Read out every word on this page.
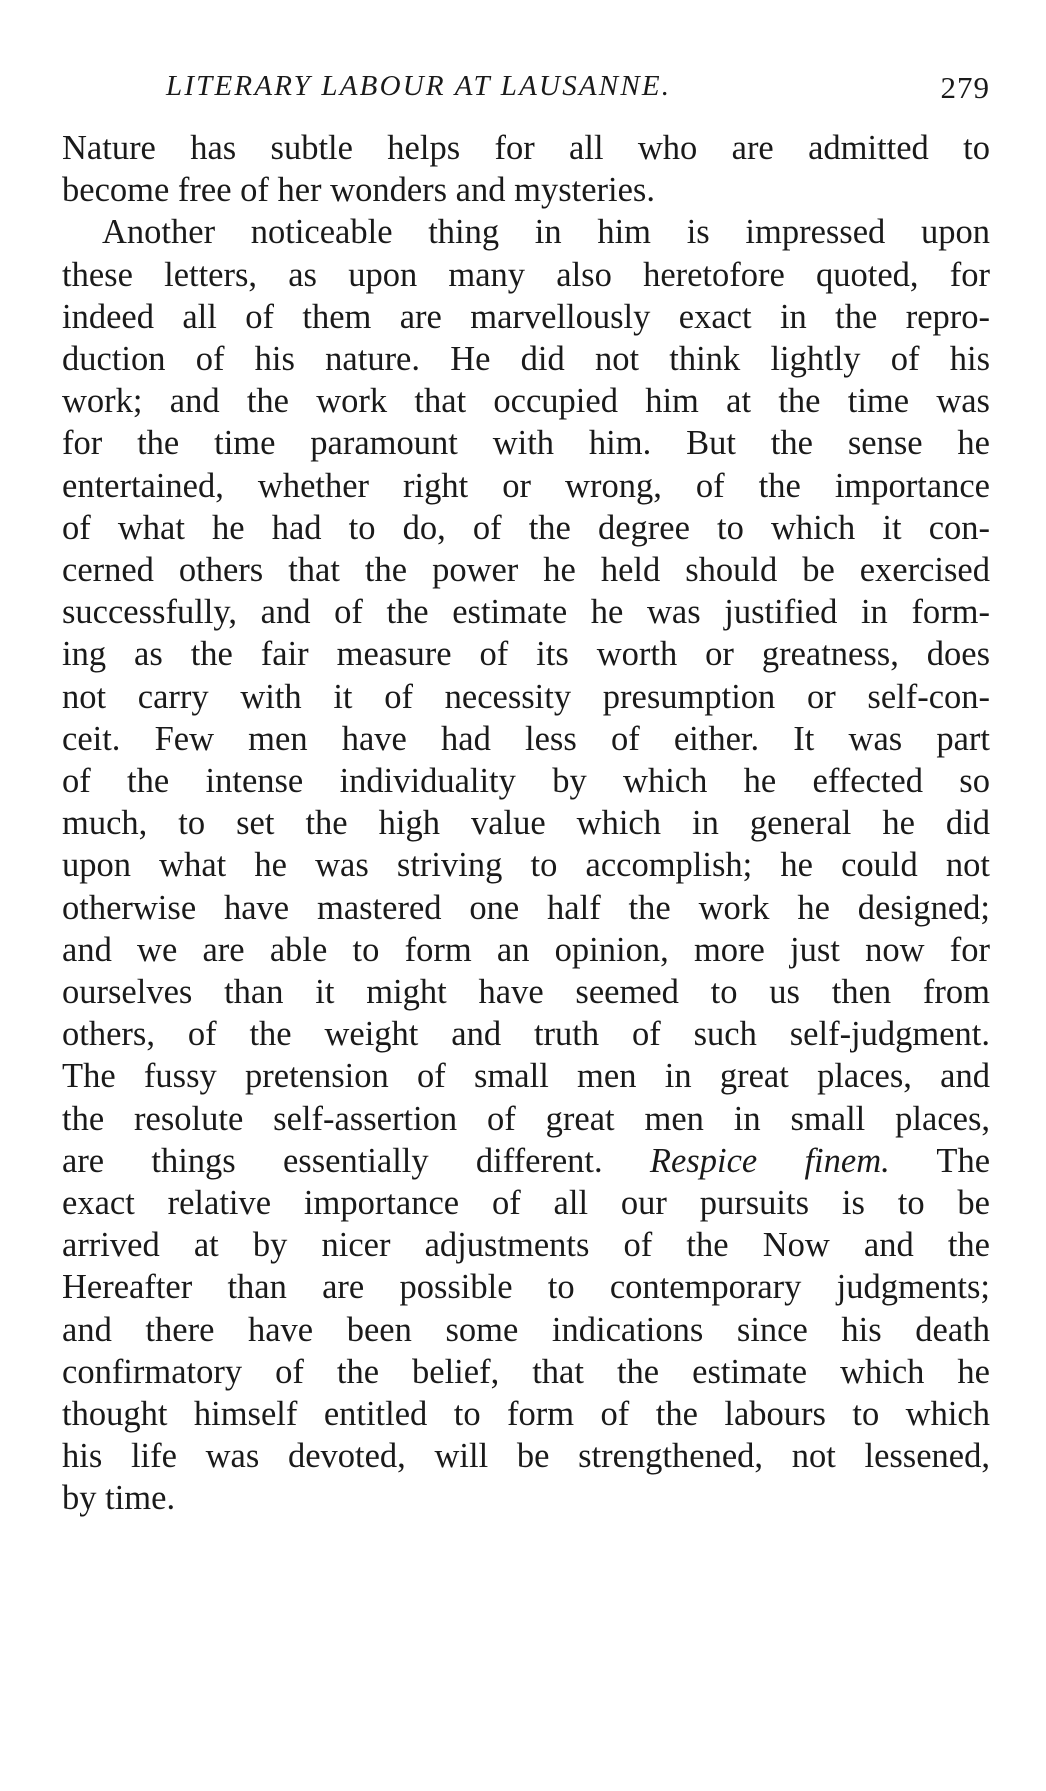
LITERARY LABOUR AT LAUSANNE.	279
Nature has subtle helps for all who are admitted to
become free of her wonders and mysteries.
Another noticeable thing in him is impressed upon
these letters, as upon many also heretofore quoted, for
indeed all of them are marvellously exact in the repro-
duction of his nature. He did not think lightly of his
work; and the work that occupied him at the time was
for the time paramount with him. But the sense he
entertained, whether right or wrong, of the importance
of what he had to do, of the degree to which it con-
cerned others that the power he held should be exercised
successfully, and of the estimate he was justified in form-
ing as the fair measure of its worth or greatness, does
not carry with it of necessity presumption or self-con-
ceit. Few men have had less of either. It was part
of the intense individuality by which he effected so
much, to set the high value which in general he did
upon what he was striving to accomplish; he could not
otherwise have mastered one half the work he designed;
and we are able to form an opinion, more just now for
ourselves than it might have seemed to us then from
others, of the weight and truth of such self-judgment.
The fussy pretension of small men in great places, and
the resolute self-assertion of great men in small places,
are things essentially different. Respice finem. The
exact relative importance of all our pursuits is to be
arrived at by nicer adjustments of the Now and the
Hereafter than are possible to contemporary judgments;
and there have been some indications since his death
confirmatory of the belief, that the estimate which he
thought himself entitled to form of the labours to which
his life was devoted, will be strengthened, not lessened,
by time.
